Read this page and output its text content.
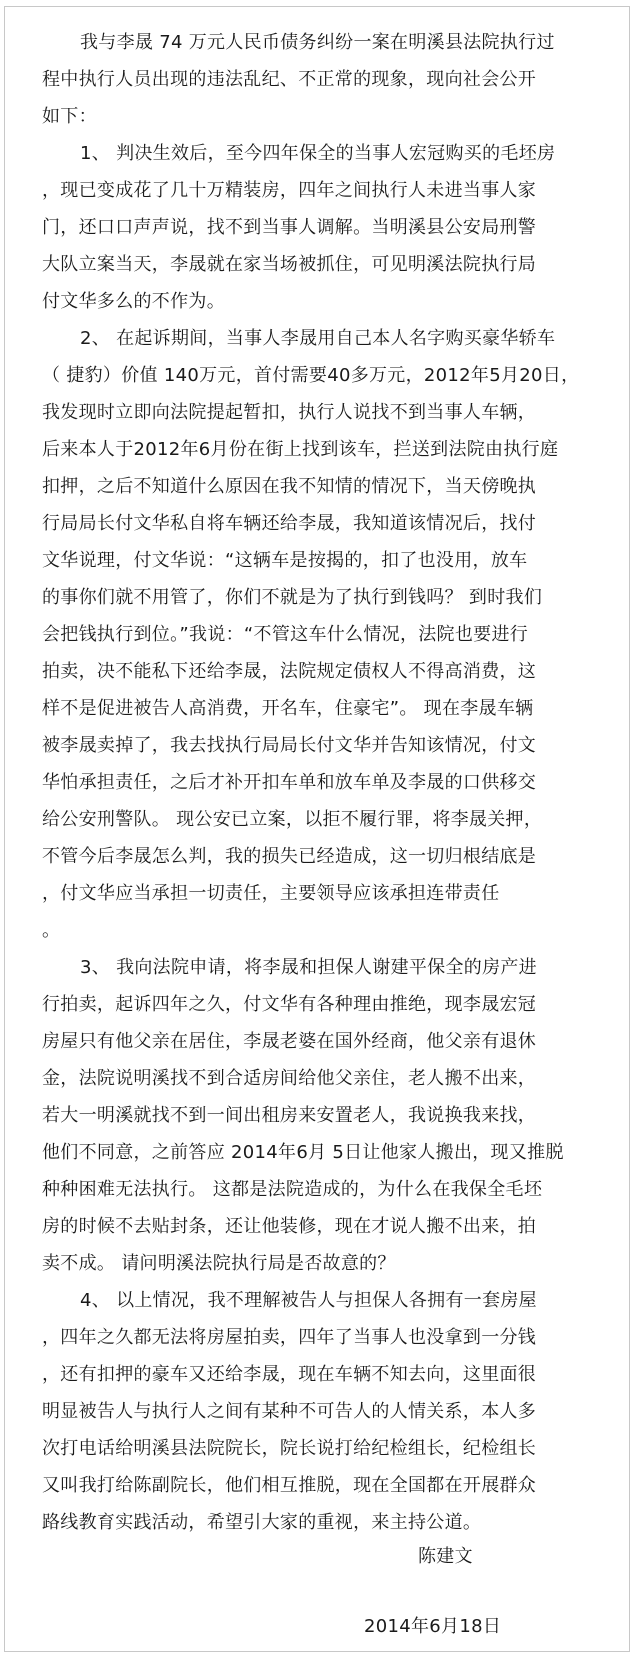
我与李晟 74 万元人民币债务纠纷一案在明溪县法院执行过
程中执行人员出现的违法乱纪、不正常的现象，现向社会公开
如下：
1、 判决生效后，至今四年保全的当事人宏冠购买的毛坯房
，现已变成花了几十万精装房，四年之间执行人未进当事人家
门，还口口声声说，找不到当事人调解。当明溪县公安局刑警
大队立案当天，李晟就在家当场被抓住，可见明溪法院执行局
付文华多么的不作为。
2、 在起诉期间，当事人李晟用自己本人名字购买豪华轿车
（ 捷豹）价值 140万元，首付需要40多万元，2012年5月20日，
我发现时立即向法院提起暂扣，执行人说找不到当事人车辆，
后来本人于2012年6月份在街上找到该车，拦送到法院由执行庭
扣押，之后不知道什么原因在我不知情的情况下，当天傍晚执
行局局长付文华私自将车辆还给李晟，我知道该情况后，找付
文华说理，付文华说：“这辆车是按揭的，扣了也没用，放车
的事你们就不用管了，你们不就是为了执行到钱吗？ 到时我们
会把钱执行到位。”我说：“不管这车什么情况，法院也要进行
拍卖，决不能私下还给李晟，法院规定债权人不得高消费，这
样不是促进被告人高消费，开名车，住豪宅”。 现在李晟车辆
被李晟卖掉了，我去找执行局局长付文华并告知该情况，付文
华怕承担责任，之后才补开扣车单和放车单及李晟的口供移交
给公安刑警队。 现公安已立案，以拒不履行罪，将李晟关押，
不管今后李晟怎么判，我的损失已经造成，这一切归根结底是
，付文华应当承担一切责任，主要领导应该承担连带责任
。
3、 我向法院申请，将李晟和担保人谢建平保全的房产进
行拍卖，起诉四年之久，付文华有各种理由推绝，现李晟宏冠
房屋只有他父亲在居住，李晟老婆在国外经商，他父亲有退休
金，法院说明溪找不到合适房间给他父亲住，老人搬不出来，
若大一明溪就找不到一间出租房来安置老人，我说换我来找，
他们不同意，之前答应 2014年6月 5日让他家人搬出，现又推脱
种种困难无法执行。 这都是法院造成的，为什么在我保全毛坯
房的时候不去贴封条，还让他装修，现在才说人搬不出来，拍
卖不成。 请问明溪法院执行局是否故意的？
4、 以上情况，我不理解被告人与担保人各拥有一套房屋
，四年之久都无法将房屋拍卖，四年了当事人也没拿到一分钱
，还有扣押的豪车又还给李晟，现在车辆不知去向，这里面很
明显被告人与执行人之间有某种不可告人的人情关系，本人多
次打电话给明溪县法院院长，院长说打给纪检组长，纪检组长
又叫我打给陈副院长，他们相互推脱，现在全国都在开展群众
路线教育实践活动，希望引大家的重视，来主持公道。
陈建文
2014年6月18日
